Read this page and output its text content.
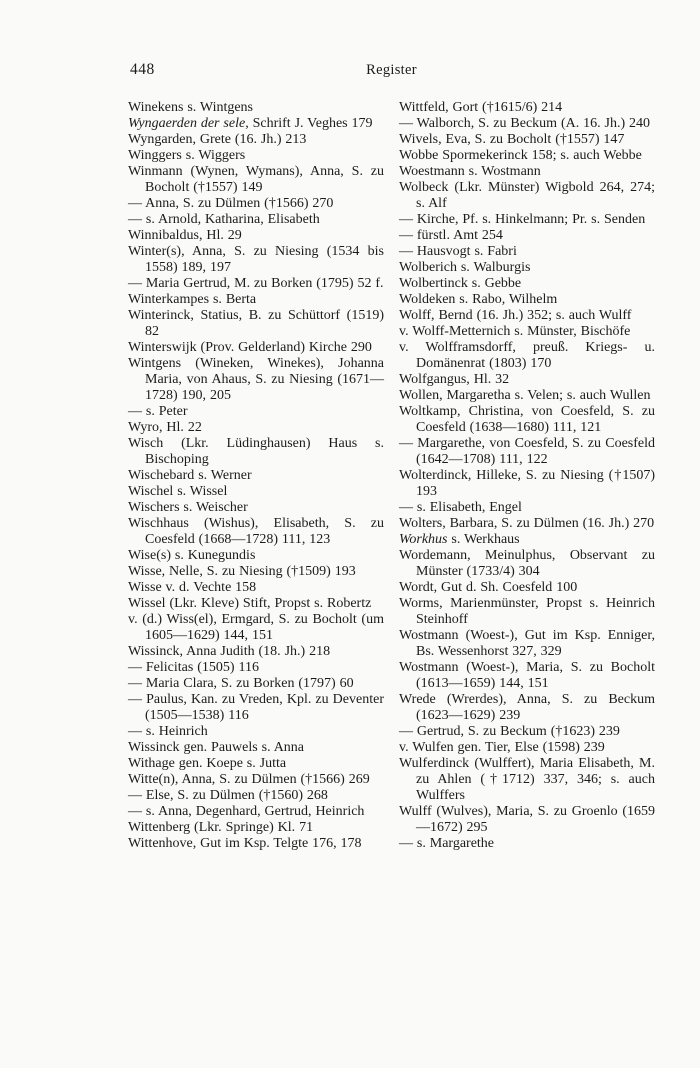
448	Register

Winekens s. Wintgens

Wyngaerden der sele, Schrift J. Veghes 179

Wyngarden, Grete (16. Jh.) 213

Winggers s. Wiggers

Winmann (Wynen, Wymans), Anna, S. zu Bocholt (†1557) 149

— Anna, S. zu Dülmen (†1566) 270

— s. Arnold, Katharina, Elisabeth

Winnibaldus, Hl. 29

Winter(s), Anna, S. zu Niesing (1534 bis 1558) 189, 197

— Maria Gertrud, M. zu Borken (1795) 52 f.

Winterkampes s. Berta

Winterinck, Statius, B. zu Schüttorf (1519) 82

Winterswijk (Prov. Gelderland) Kirche 290

Wintgens (Wineken, Winekes), Johanna Maria, von Ahaus, S. zu Niesing (1671—1728) 190, 205

— s. Peter

Wyro, Hl. 22

Wisch (Lkr. Lüdinghausen) Haus s. Bischoping

Wischebard s. Werner

Wischel s. Wissel

Wischers s. Weischer

Wischhaus (Wishus), Elisabeth, S. zu Coesfeld (1668—1728) 111, 123

Wise(s) s. Kunegundis

Wisse, Nelle, S. zu Niesing (†1509) 193

Wisse v. d. Vechte 158

Wissel (Lkr. Kleve) Stift, Propst s. Robertz

v. (d.) Wiss(el), Ermgard, S. zu Bocholt (um 1605—1629) 144, 151

Wissinck, Anna Judith (18. Jh.) 218

— Felicitas (1505) 116

— Maria Clara, S. zu Borken (1797) 60

— Paulus, Kan. zu Vreden, Kpl. zu Deventer (1505—1538) 116

— s. Heinrich

Wissinck gen. Pauwels s. Anna

Withage gen. Koepe s. Jutta

Witte(n), Anna, S. zu Dülmen (†1566) 269

— Else, S. zu Dülmen (†1560) 268

— s. Anna, Degenhard, Gertrud, Heinrich

Wittenberg (Lkr. Springe) Kl. 71

Wittenhove, Gut im Ksp. Telgte 176, 178

Wittfeld, Gort (†1615/6) 214

— Walborch, S. zu Beckum (A. 16. Jh.) 240

Wivels, Eva, S. zu Bocholt (†1557) 147

Wobbe Spormekerinck 158; s. auch Webbe

Woestmann s. Wostmann

Wolbeck (Lkr. Münster) Wigbold 264, 274; s. Alf

— Kirche, Pf. s. Hinkelmann; Pr. s. Senden

— fürstl. Amt 254

— Hausvogt s. Fabri

Wolberich s. Walburgis

Wolbertinck s. Gebbe

Woldeken s. Rabo, Wilhelm

Wolff, Bernd (16. Jh.) 352; s. auch Wulff

v. Wolff-Metternich s. Münster, Bischöfe

v. Wolfframsdorff, preuß. Kriegs- u. Domänenrat (1803) 170

Wolfgangus, Hl. 32

Wollen, Margaretha s. Velen; s. auch Wullen

Woltkamp, Christina, von Coesfeld, S. zu Coesfeld (1638—1680) 111, 121

— Margarethe, von Coesfeld, S. zu Coesfeld (1642—1708) 111, 122

Wolterdinck, Hilleke, S. zu Niesing (†1507) 193

— s. Elisabeth, Engel

Wolters, Barbara, S. zu Dülmen (16. Jh.) 270

Workhus s. Werkhaus

Wordemann, Meinulphus, Observant zu Münster (1733/4) 304

Wordt, Gut d. Sh. Coesfeld 100

Worms, Marienmünster, Propst s. Heinrich Steinhoff

Wostmann (Woest-), Gut im Ksp. Enniger, Bs. Wessenhorst 327, 329

Wostmann (Woest-), Maria, S. zu Bocholt (1613—1659) 144, 151

Wrede (Wrerdes), Anna, S. zu Beckum (1623—1629) 239

— Gertrud, S. zu Beckum (†1623) 239

v. Wulfen gen. Tier, Else (1598) 239

Wulferdinck (Wulffert), Maria Elisabeth, M. zu Ahlen (†1712) 337, 346; s. auch Wulffers

Wulff (Wulves), Maria, S. zu Groenlo (1659—1672) 295

— s. Margarethe
